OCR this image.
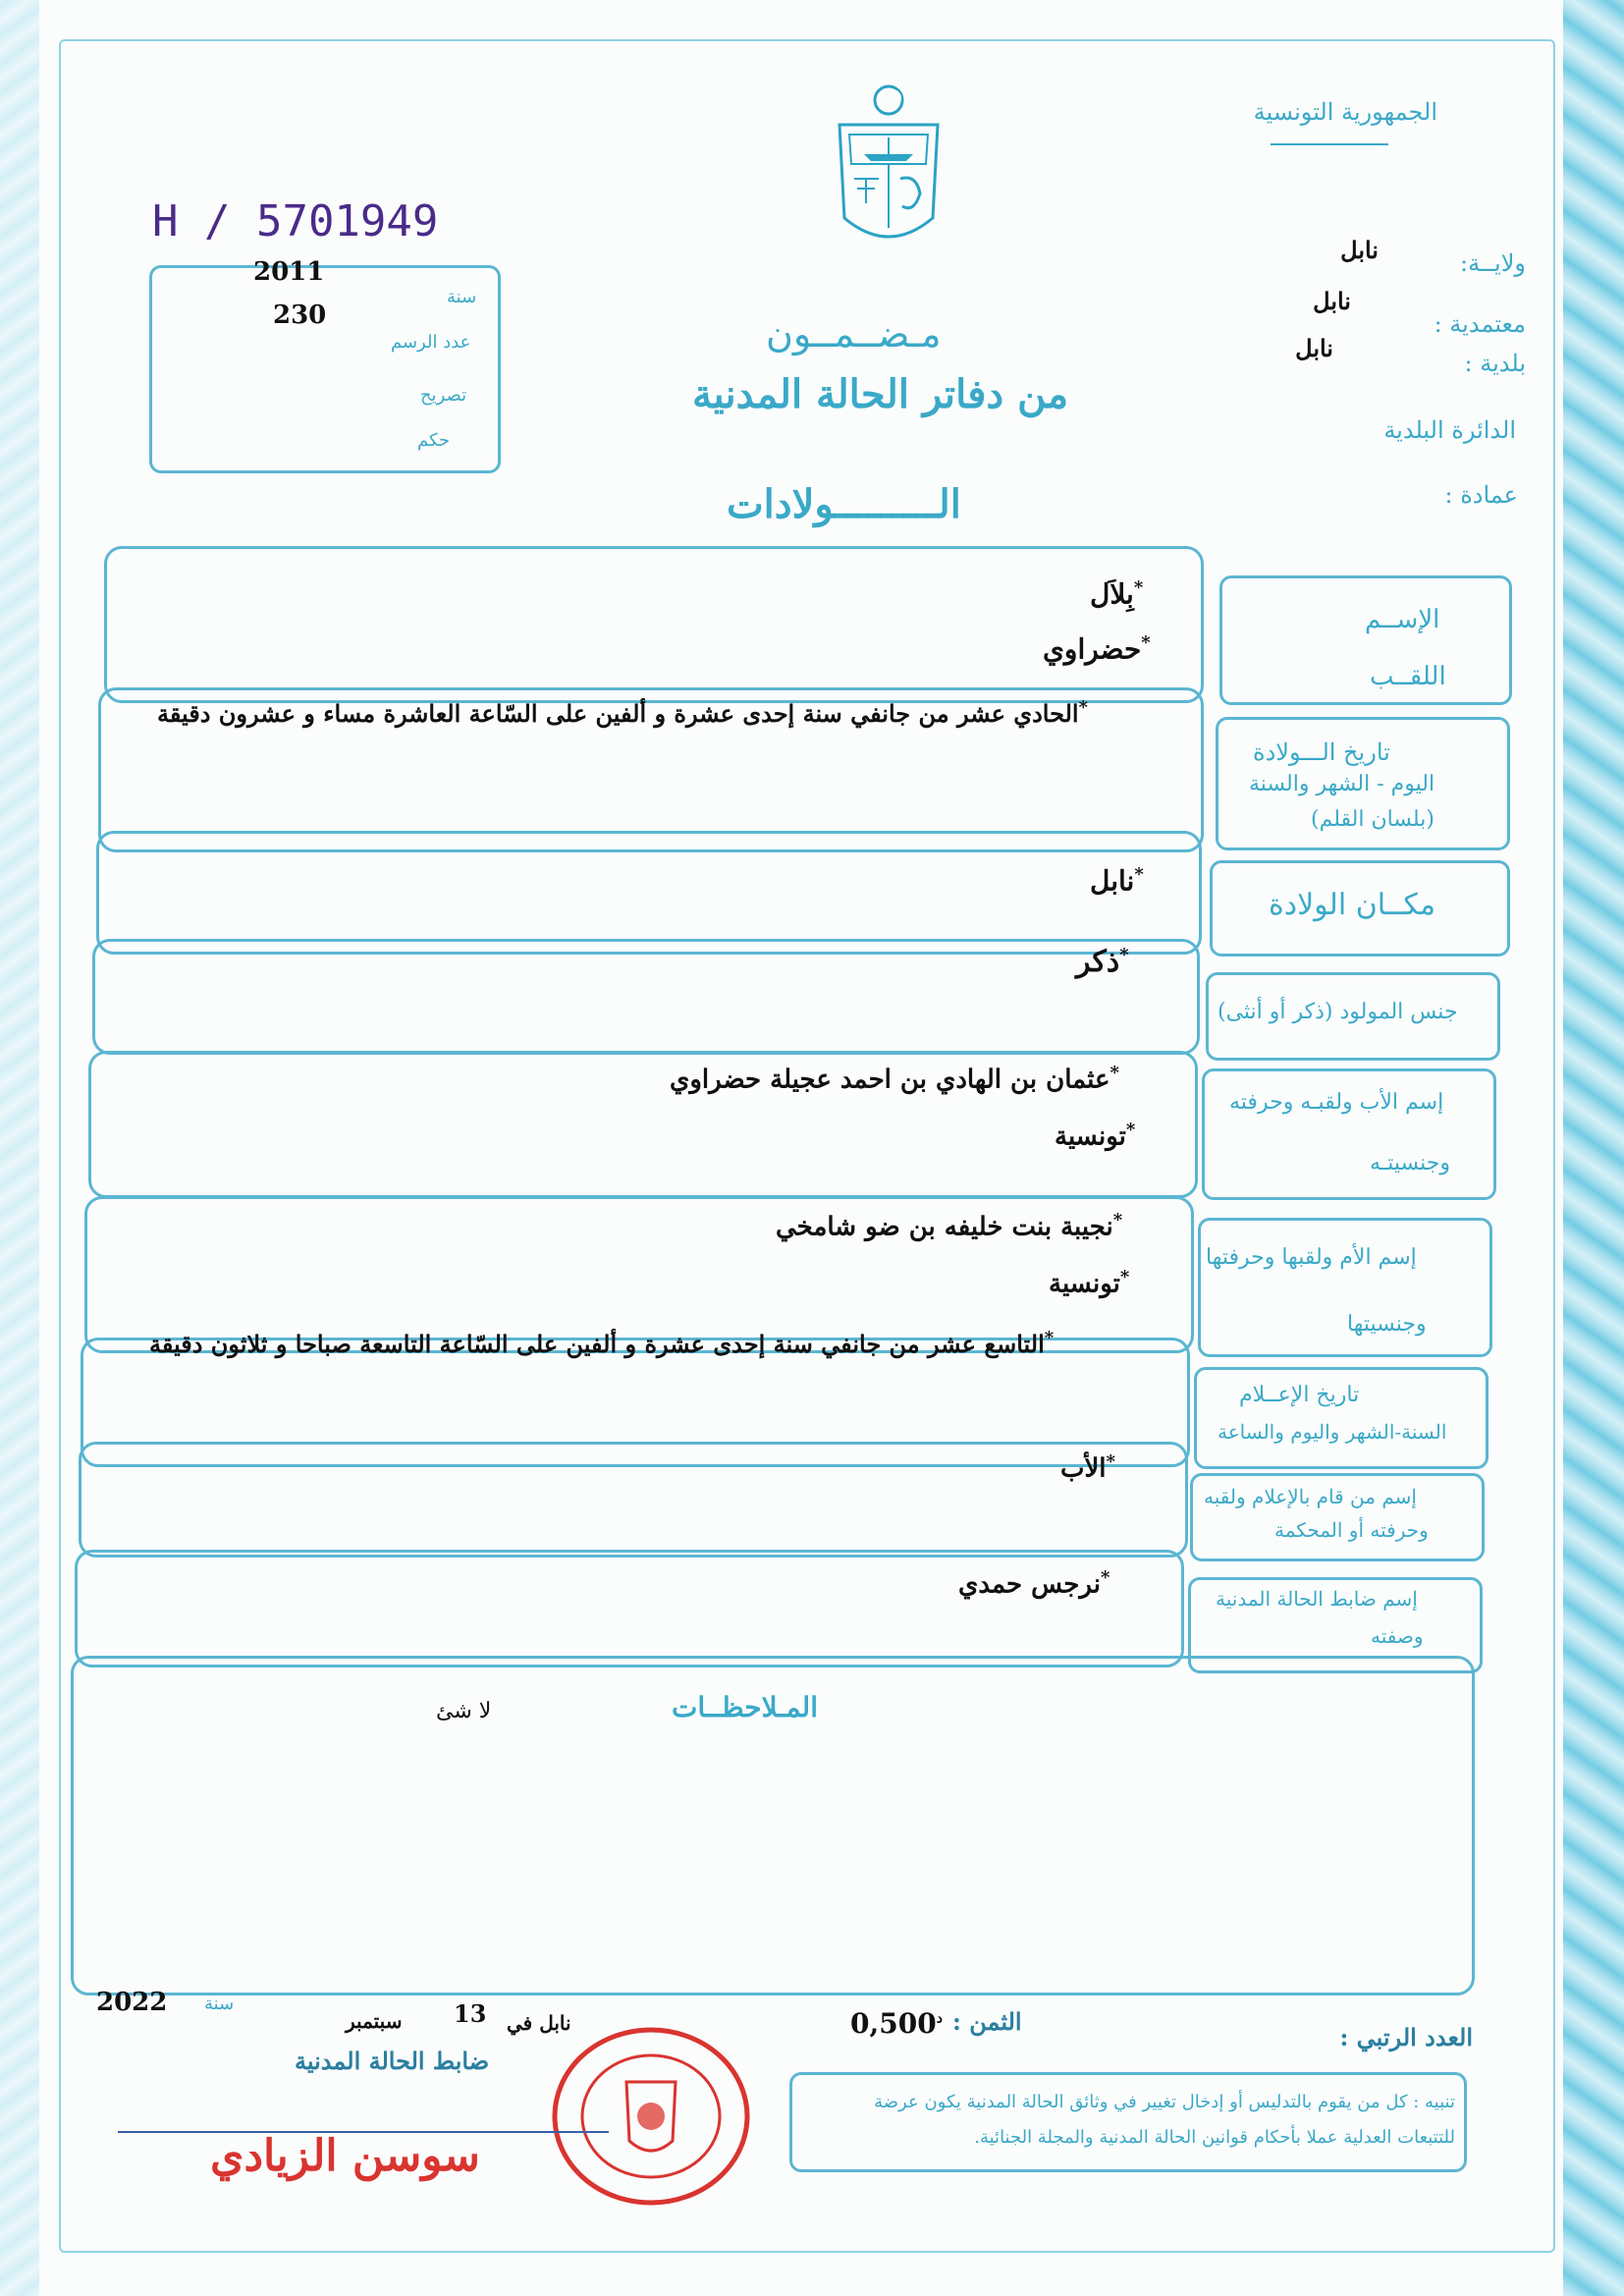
الجمهورية التونسية
H / 5701949
2011
سنة
230
عدد الرسم
تصريح
حكم
مـضــمــون
من دفاتر الحالة المدنية
الـــــــــولادات
ولايــة:
نابل
معتمدية :
نابل
بلدية :
نابل
الدائرة البلدية
عمادة :
الإســم
اللقــب
*بِلاَل
*حضراوي
تاريخ الـــولادة
اليوم - الشهر والسنة
(بلسان القلم)
*الحادي عشر من جانفي سنة إحدى عشرة و ألفين على السّاعة العاشرة مساء و عشرون دقيقة
مكــان الولادة
*نابل
جنس المولود (ذكر أو أنثى)
*ذكر
إسم الأب ولقبـه وحرفته
وجنسيتـه
*عثمان بن الهادي بن احمد عجيلة حضراوي
*تونسية
إسم الأم ولقبها وحرفتها
وجنسيتها
*نجيبة بنت خليفه بن ضو شامخي
*تونسية
تاريخ الإعــلام
السنة-الشهر واليوم والساعة
*التاسع عشر من جانفي سنة إحدى عشرة و ألفين على السّاعة التاسعة صباحا و ثلاثون دقيقة
إسم من قام بالإعلام ولقبه
وحرفته أو المحكمة
*الأب
إسم ضابط الحالة المدنية
وصفته
*نرجس حمدي
المـلاحظــات
لا شئ
العدد الرتبي :
الثمن :
$0,500^د$
نابل في
13
سبتمبر
سنة
2022
ضابط الحالة المدنية
سوسن الزيادي
تنبيه : كل من يقوم بالتدليس أو إدخال تغيير في وثائق الحالة المدنية يكون عرضة
للتتبعات العدلية عملا بأحكام قوانين الحالة المدنية والمجلة الجنائية.
